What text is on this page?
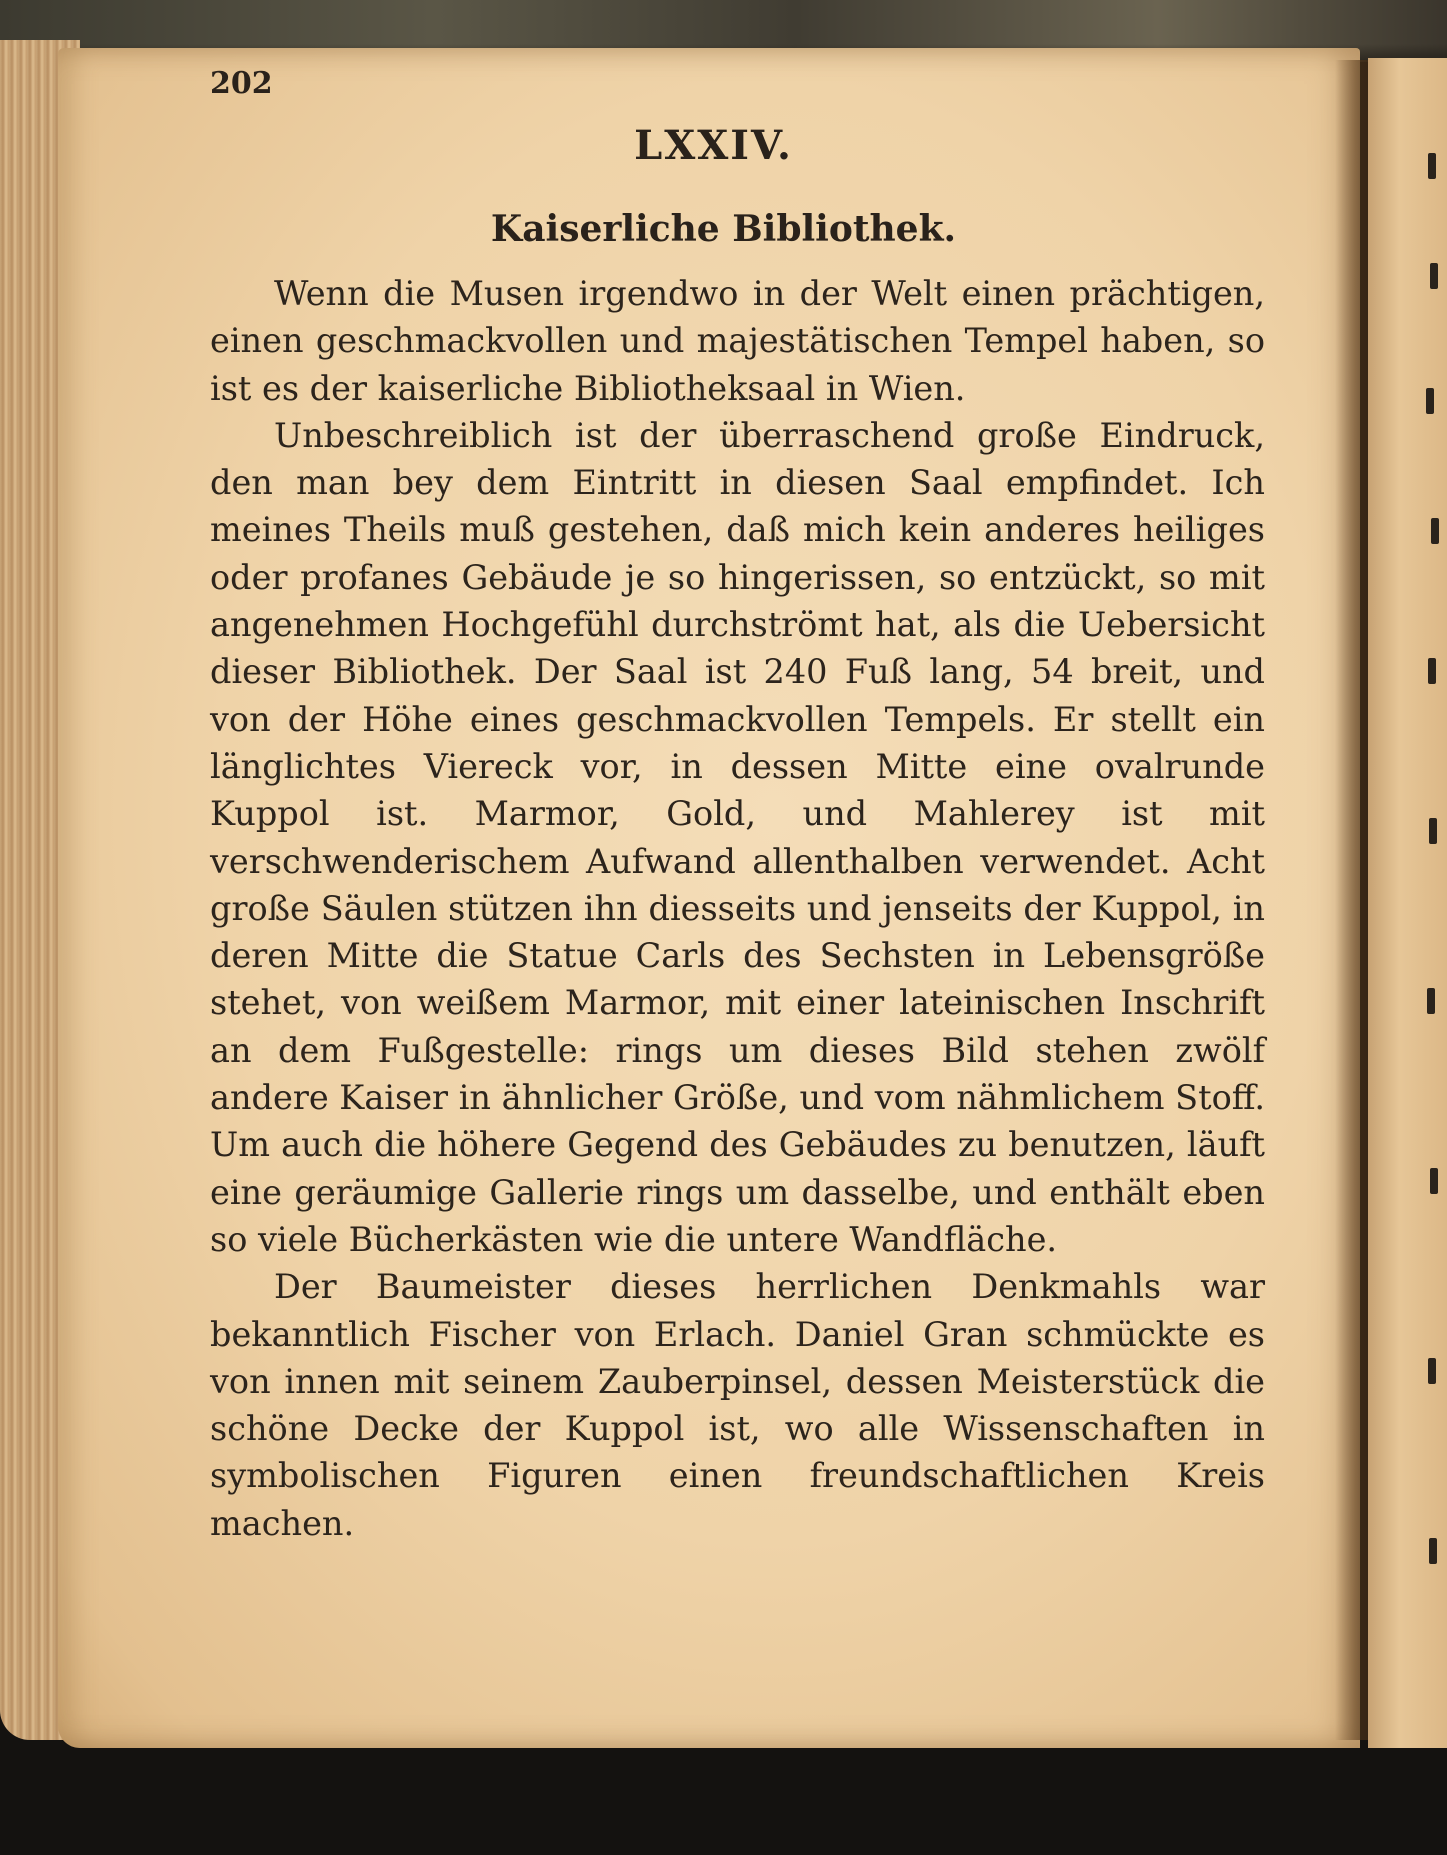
202
LXXIV.
Kaiserliche Bibliothek.

Wenn die Musen irgendwo in der Welt einen prächtigen, einen geschmackvollen und majestätischen Tempel haben, so ist es der kaiserliche Bibliotheksaal in Wien.

Unbeschreiblich ist der überraschend große Eindruck, den man bey dem Eintritt in diesen Saal empfindet. Ich meines Theils muß gestehen, daß mich kein anderes heiliges oder profanes Gebäude je so hingerissen, so entzückt, so mit angenehmen Hochgefühl durchströmt hat, als die Uebersicht dieser Bibliothek. Der Saal ist 240 Fuß lang, 54 breit, und von der Höhe eines geschmackvollen Tempels. Er stellt ein länglichtes Viereck vor, in dessen Mitte eine ovalrunde Kuppol ist. Marmor, Gold, und Mahlerey ist mit verschwenderischem Aufwand allenthalben verwendet. Acht große Säulen stützen ihn diesseits und jenseits der Kuppol, in deren Mitte die Statue Carls des Sechsten in Lebensgröße stehet, von weißem Marmor, mit einer lateinischen Inschrift an dem Fußgestelle: rings um dieses Bild stehen zwölf andere Kaiser in ähnlicher Größe, und vom nähmlichem Stoff. Um auch die höhere Gegend des Gebäudes zu benutzen, läuft eine geräumige Gallerie rings um dasselbe, und enthält eben so viele Bücherkästen wie die untere Wandfläche.

Der Baumeister dieses herrlichen Denkmahls war bekanntlich Fischer von Erlach. Daniel Gran schmückte es von innen mit seinem Zauberpinsel, dessen Meisterstück die schöne Decke der Kuppol ist, wo alle Wissenschaften in symbolischen Figuren einen freundschaftlichen Kreis machen.
